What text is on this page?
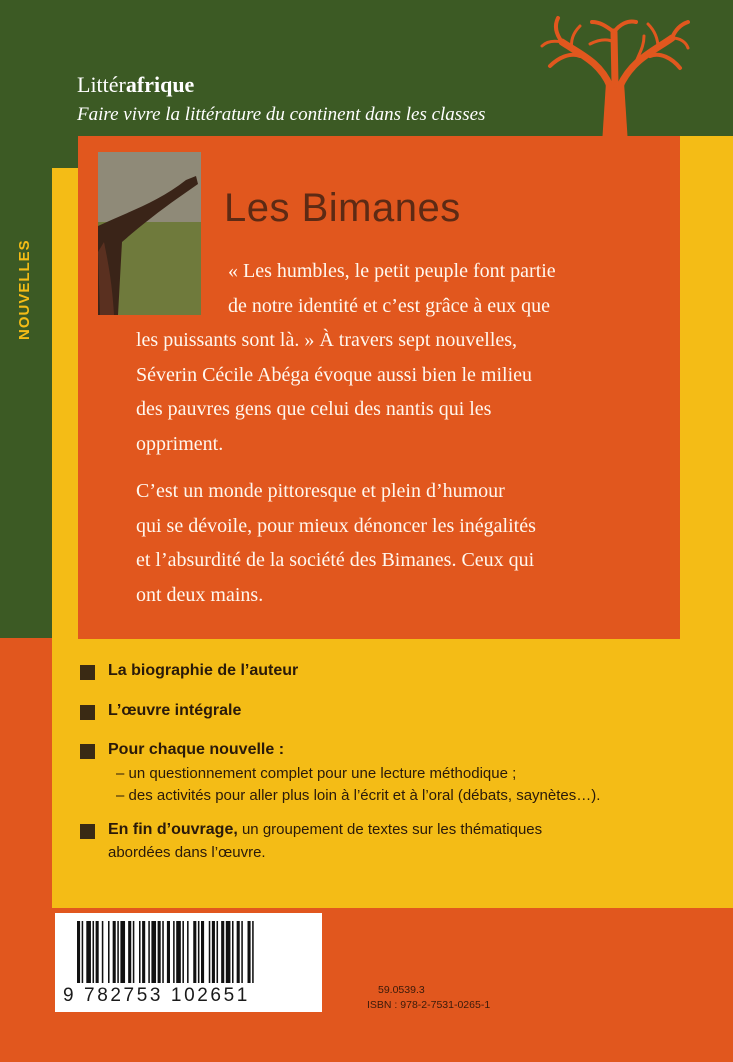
Littérafrique
Faire vivre la littérature du continent dans les classes
Les Bimanes
« Les humbles, le petit peuple font partie
de notre identité et c’est grâce à eux que
les puissants sont là. » À travers sept nouvelles,
Séverin Cécile Abéga évoque aussi bien le milieu
des pauvres gens que celui des nantis qui les
oppriment.
C’est un monde pittoresque et plein d’humour
qui se dévoile, pour mieux dénoncer les inégalités
et l’absurdité de la société des Bimanes. Ceux qui
ont deux mains.
La biographie de l’auteur
L’œuvre intégrale
Pour chaque nouvelle :
– un questionnement complet pour une lecture méthodique ;
– des activités pour aller plus loin à l’écrit et à l’oral (débats, saynètes…).
En fin d’ouvrage, un groupement de textes sur les thématiques
abordées dans l’œuvre.
9 782753 102651	59.0539.3
ISBN : 978-2-7531-0265-1
